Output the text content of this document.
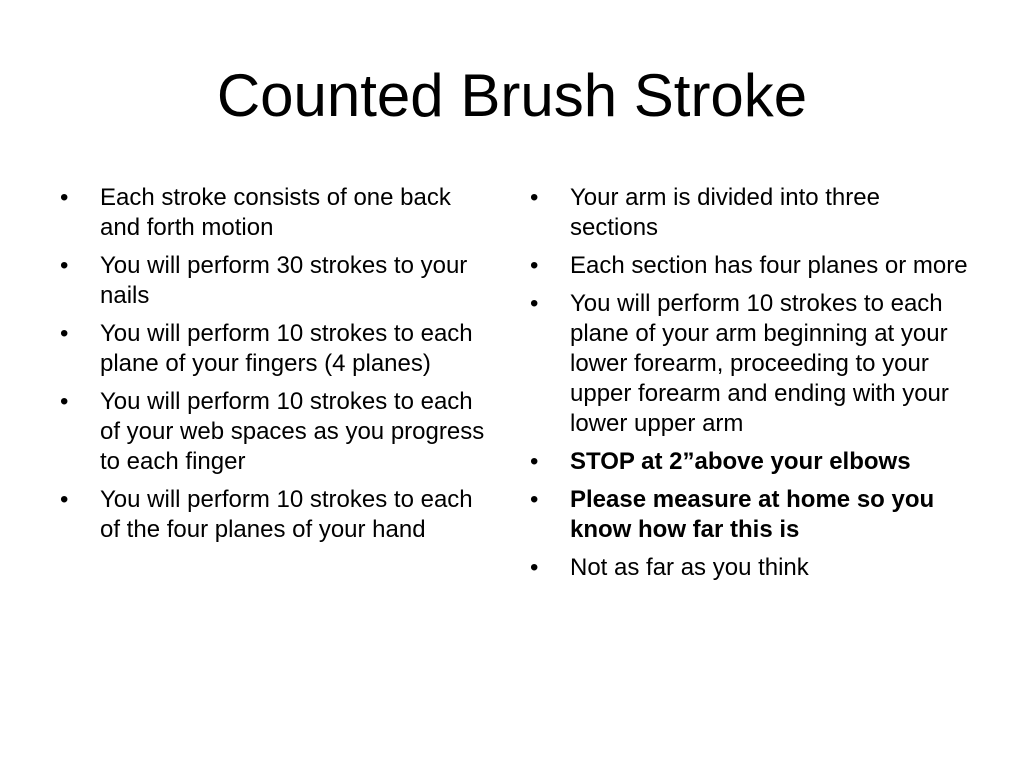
Counted Brush Stroke
•	Each stroke consists of one back and forth motion
•	You will perform 30 strokes to your nails
•	You will perform 10 strokes to each plane of your fingers (4 planes)
•	You will perform 10 strokes to each of your web spaces as you progress to each finger
•	You will perform 10 strokes to each of the four planes of your hand
•	Your arm is divided into three sections
•	Each section has four planes or more
•	You will perform 10 strokes to each plane of your arm beginning at your lower forearm, proceeding to your upper forearm and ending with your lower upper arm
•	STOP at 2”above your elbows
•	Please measure at home so you know how far this is
•	Not as far as you think
